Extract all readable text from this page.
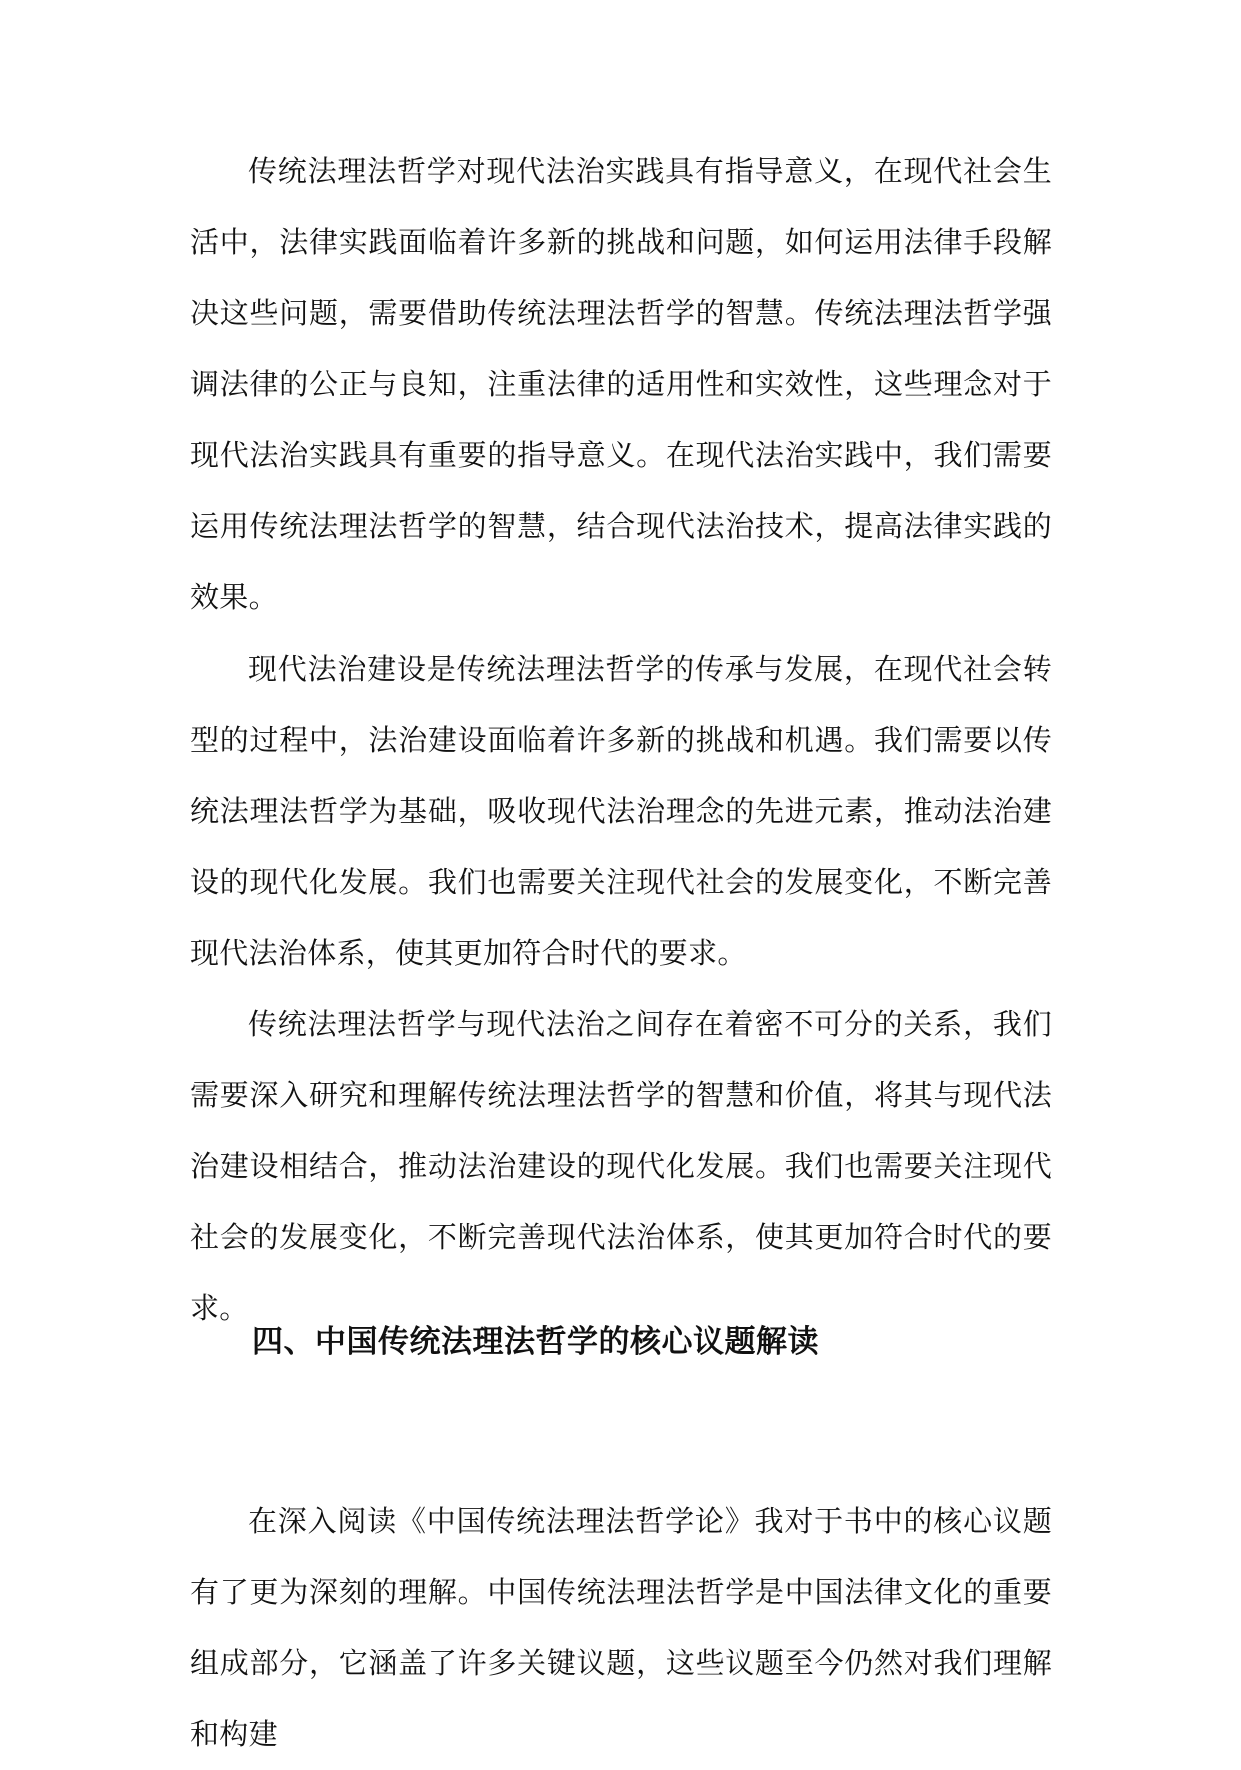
传统法理法哲学对现代法治实践具有指导意义，在现代社会生活中，法律实践面临着许多新的挑战和问题，如何运用法律手段解决这些问题，需要借助传统法理法哲学的智慧。传统法理法哲学强调法律的公正与良知，注重法律的适用性和实效性，这些理念对于现代法治实践具有重要的指导意义。在现代法治实践中，我们需要运用传统法理法哲学的智慧，结合现代法治技术，提高法律实践的效果。

现代法治建设是传统法理法哲学的传承与发展，在现代社会转型的过程中，法治建设面临着许多新的挑战和机遇。我们需要以传统法理法哲学为基础，吸收现代法治理念的先进元素，推动法治建设的现代化发展。我们也需要关注现代社会的发展变化，不断完善现代法治体系，使其更加符合时代的要求。

传统法理法哲学与现代法治之间存在着密不可分的关系，我们需要深入研究和理解传统法理法哲学的智慧和价值，将其与现代法治建设相结合，推动法治建设的现代化发展。我们也需要关注现代社会的发展变化，不断完善现代法治体系，使其更加符合时代的要求。

四、中国传统法理法哲学的核心议题解读

在深入阅读《中国传统法理法哲学论》我对于书中的核心议题有了更为深刻的理解。中国传统法理法哲学是中国法律文化的重要组成部分，它涵盖了许多关键议题，这些议题至今仍然对我们理解和构建
